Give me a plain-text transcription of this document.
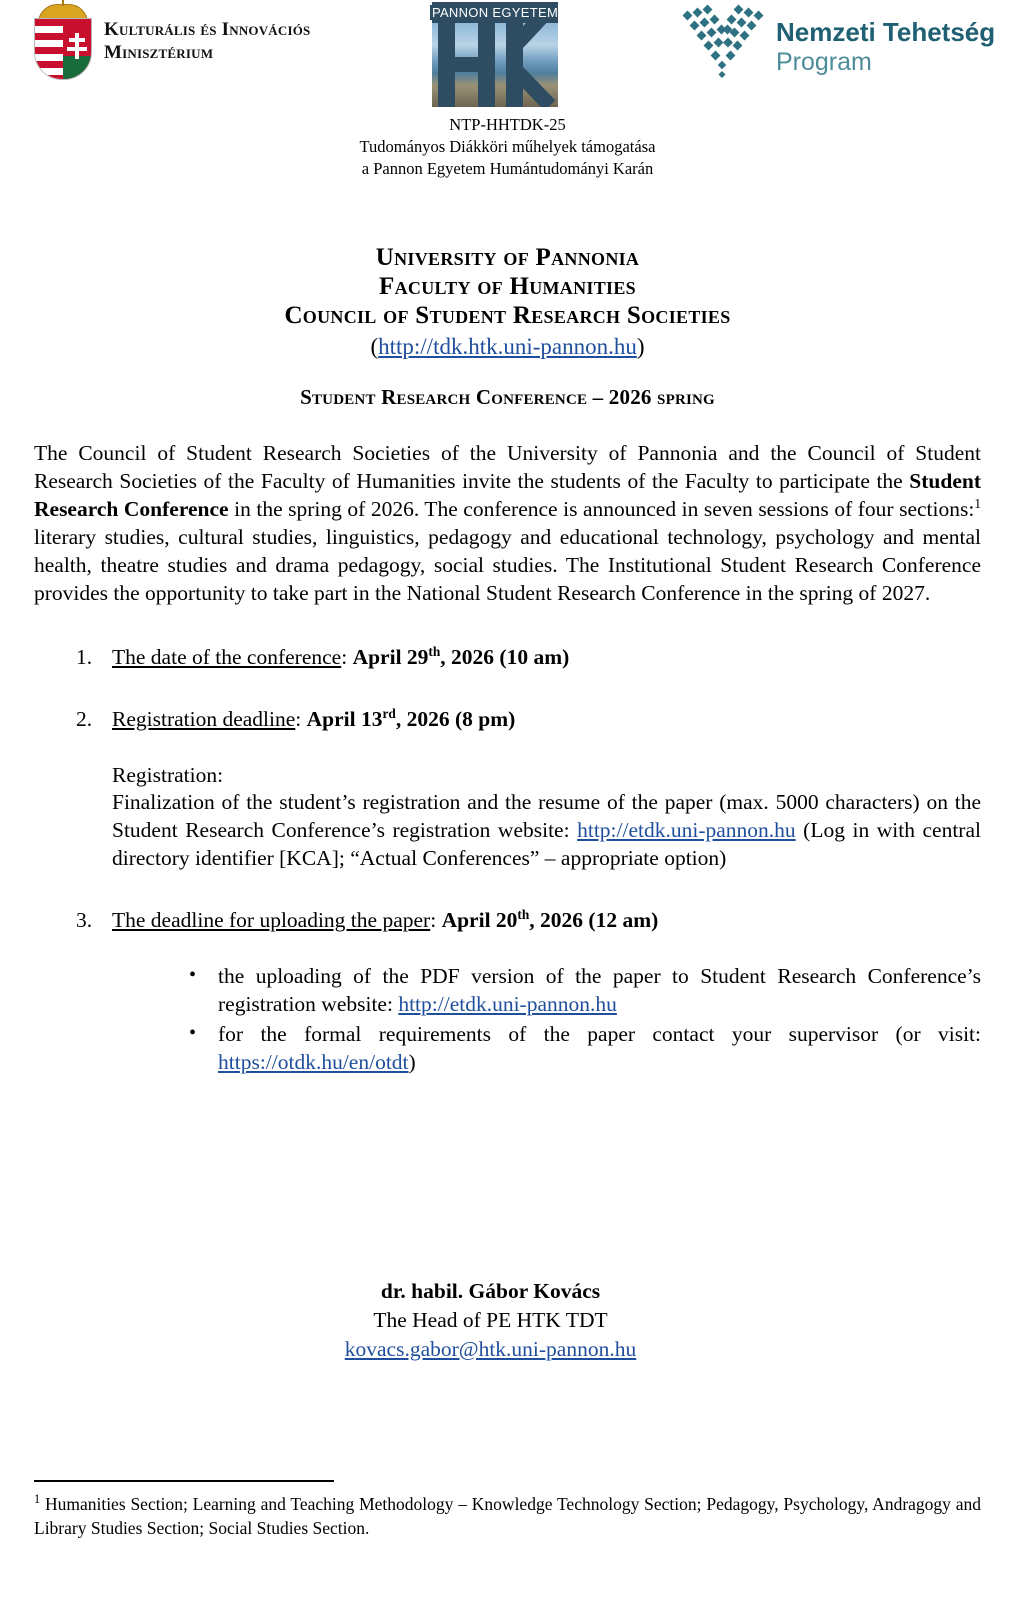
Kulturális és Innovációs
Minisztérium
PANNON EGYETEM
Nemzeti Tehetség
Program
NTP-HHTDK-25
Tudományos Diákköri műhelyek támogatása
a Pannon Egyetem Humántudományi Karán
University of Pannonia
Faculty of Humanities
Council of Student Research Societies
(http://tdk.htk.uni-pannon.hu)
Student Research Conference – 2026 spring

The Council of Student Research Societies of the University of Pannonia and the Council of Student Research Societies of the Faculty of Humanities invite the students of the Faculty to participate the Student Research Conference in the spring of 2026. The conference is announced in seven sessions of four sections:$^1$ literary studies, cultural studies, linguistics, pedagogy and educational technology, psychology and mental health, theatre studies and drama pedagogy, social studies. The Institutional Student Research Conference provides the opportunity to take part in the National Student Research Conference in the spring of 2027.

1. The date of the conference: April 29th, 2026 (10 am)
2. Registration deadline: April 13rd, 2026 (8 pm)
Registration:
Finalization of the student’s registration and the resume of the paper (max. 5000 characters) on the Student Research Conference’s registration website: http://etdk.uni-pannon.hu (Log in with central directory identifier [KCA]; “Actual Conferences” – appropriate option)
3. The deadline for uploading the paper: April 20th, 2026 (12 am)
• the uploading of the PDF version of the paper to Student Research Conference’s registration website: http://etdk.uni-pannon.hu
• for the formal requirements of the paper contact your supervisor (or visit: https://otdk.hu/en/otdt)
dr. habil. Gábor Kovács
The Head of PE HTK TDT
kovacs.gabor@htk.uni-pannon.hu
$^1$ Humanities Section; Learning and Teaching Methodology – Knowledge Technology Section; Pedagogy, Psychology, Andragogy and Library Studies Section; Social Studies Section.
